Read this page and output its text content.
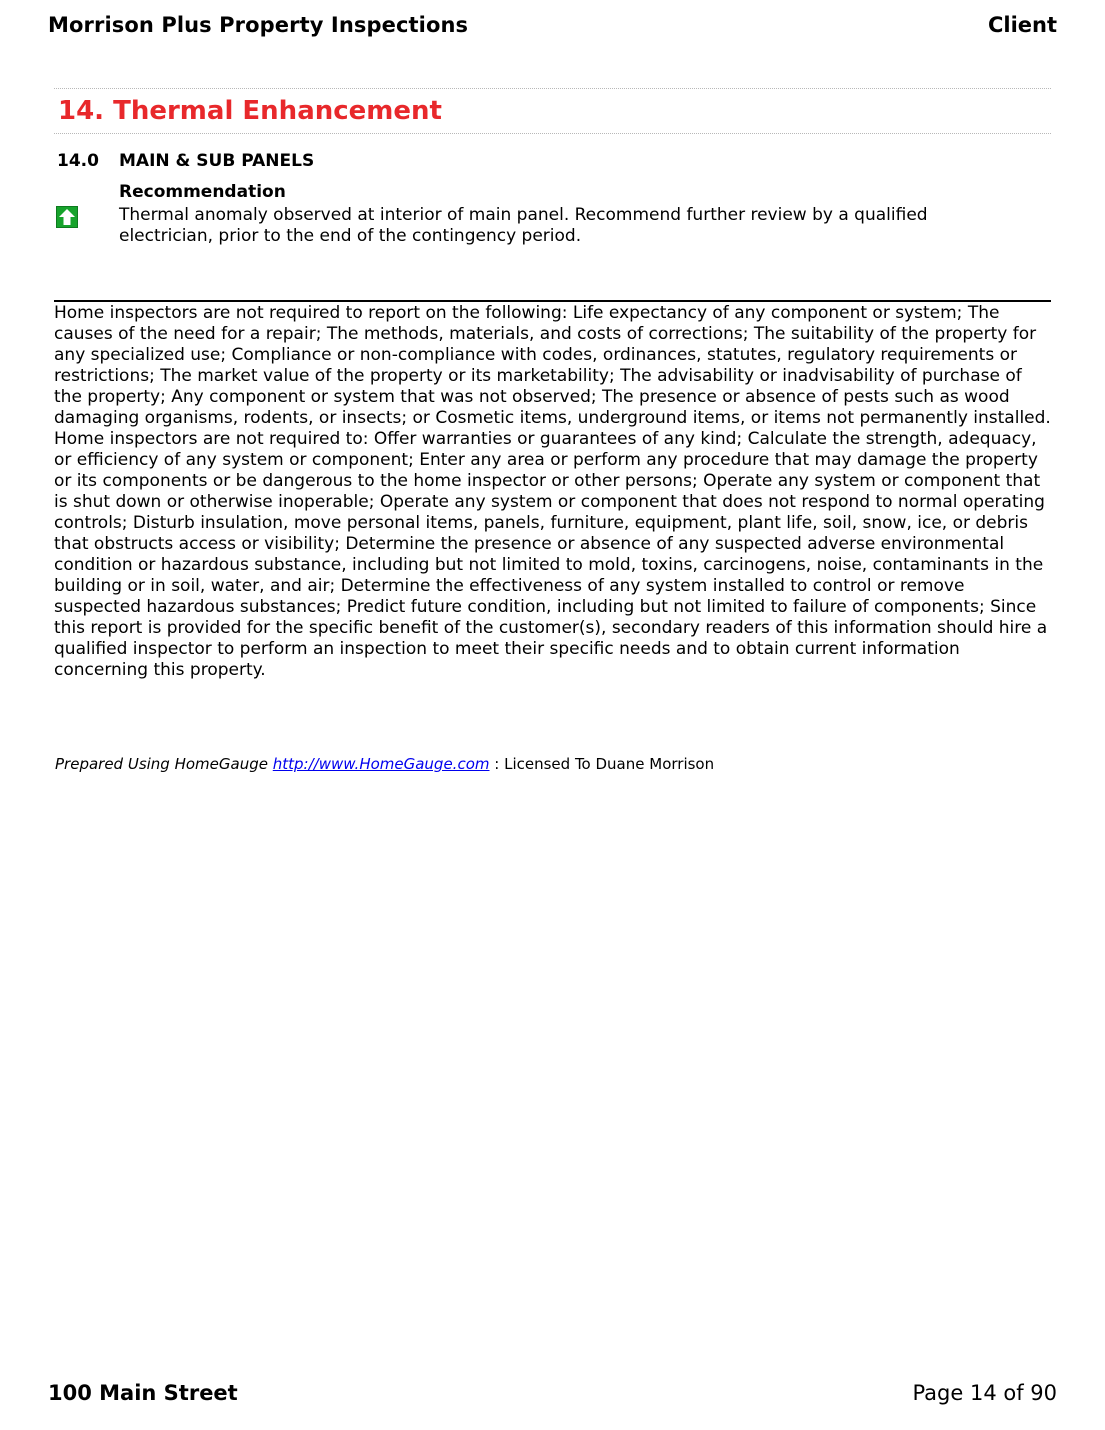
Morrison Plus Property Inspections	Client
14. Thermal Enhancement
14.0 MAIN & SUB PANELS
Recommendation
Thermal anomaly observed at interior of main panel. Recommend further review by a qualified electrician, prior to the end of the contingency period.
Home inspectors are not required to report on the following: Life expectancy of any component or system; The causes of the need for a repair; The methods, materials, and costs of corrections; The suitability of the property for any specialized use; Compliance or non-compliance with codes, ordinances, statutes, regulatory requirements or restrictions; The market value of the property or its marketability; The advisability or inadvisability of purchase of the property; Any component or system that was not observed; The presence or absence of pests such as wood damaging organisms, rodents, or insects; or Cosmetic items, underground items, or items not permanently installed. Home inspectors are not required to: Offer warranties or guarantees of any kind; Calculate the strength, adequacy, or efficiency of any system or component; Enter any area or perform any procedure that may damage the property or its components or be dangerous to the home inspector or other persons; Operate any system or component that is shut down or otherwise inoperable; Operate any system or component that does not respond to normal operating controls; Disturb insulation, move personal items, panels, furniture, equipment, plant life, soil, snow, ice, or debris that obstructs access or visibility; Determine the presence or absence of any suspected adverse environmental condition or hazardous substance, including but not limited to mold, toxins, carcinogens, noise, contaminants in the building or in soil, water, and air; Determine the effectiveness of any system installed to control or remove suspected hazardous substances; Predict future condition, including but not limited to failure of components; Since this report is provided for the specific benefit of the customer(s), secondary readers of this information should hire a qualified inspector to perform an inspection to meet their specific needs and to obtain current information concerning this property.
Prepared Using HomeGauge http://www.HomeGauge.com : Licensed To Duane Morrison
100 Main Street	Page 14 of 90
